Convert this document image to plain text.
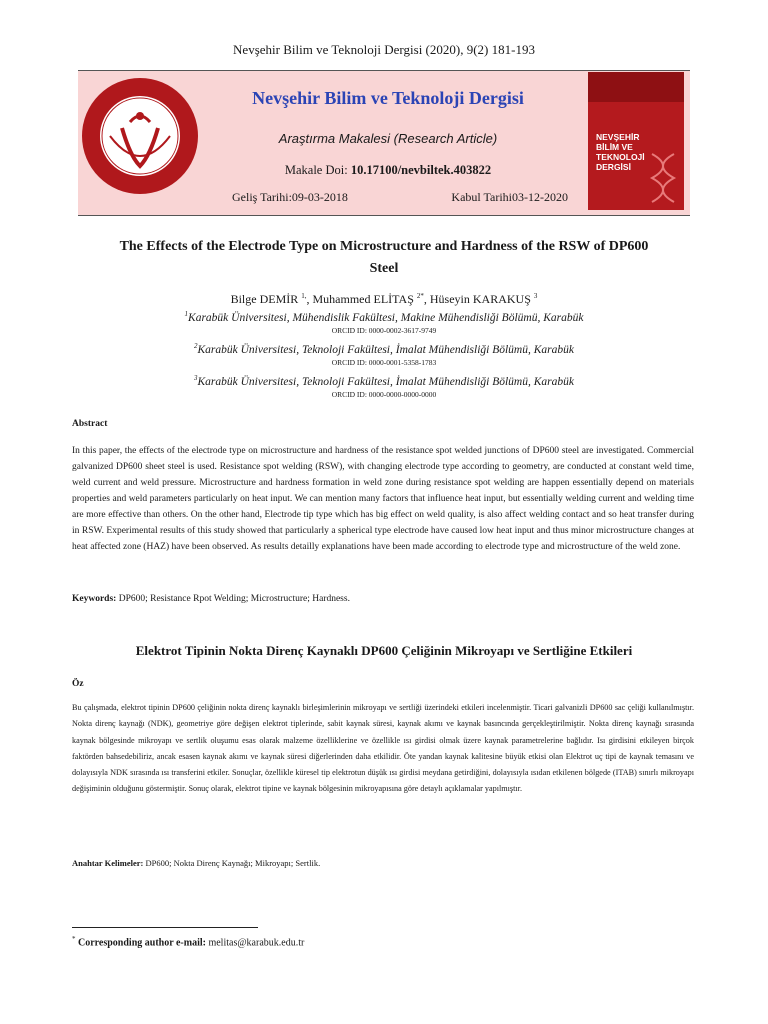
Nevşehir Bilim ve Teknoloji Dergisi (2020), 9(2) 181-193
Nevşehir Bilim ve Teknoloji Dergisi
Araştırma Makalesi (Research Article)
Makale Doi: 10.17100/nevbiltek.403822
Geliş Tarihi:09-03-2018	Kabul Tarihi03-12-2020
NEVŞEHİR
BİLİM VE TEKNOLOJİ
DERGİSİ
The Effects of the Electrode Type on Microstructure and Hardness of the RSW of DP600
Steel
Bilge DEMİR $^{1,}$, Muhammed ELİTAŞ $^{2*}$, Hüseyin KARAKUŞ $^3$
$^1$Karabük Üniversitesi, Mühendislik Fakültesi, Makine Mühendisliği Bölümü, Karabük
ORCID ID: 0000-0002-3617-9749
$^2$Karabük Üniversitesi, Teknoloji Fakültesi, İmalat Mühendisliği Bölümü, Karabük
ORCID ID: 0000-0001-5358-1783
$^3$Karabük Üniversitesi, Teknoloji Fakültesi, İmalat Mühendisliği Bölümü, Karabük
ORCID ID: 0000-0000-0000-0000
Abstract
In this paper, the effects of the electrode type on microstructure and hardness of the resistance spot welded junctions of DP600 steel are investigated. Commercial galvanized DP600 sheet steel is used. Resistance spot welding (RSW), with changing electrode type according to geometry, are conducted at constant weld time, weld current and weld pressure. Microstructure and hardness formation in weld zone during resistance spot welding are happen essentially depend on materials properties and weld parameters particularly on heat input. We can mention many factors that influence heat input, but essentially welding current and welding time are more effective than others. On the other hand, Electrode tip type which has big effect on weld quality, is also affect welding contact and so heat transfer during in RSW. Experimental results of this study showed that particularly a spherical type electrode have caused low heat input and thus minor microstructure changes at heat affected zone (HAZ) have been observed. As results detailly explanations have been made according to electrode type and microstructure of the weld zone.
Keywords: DP600; Resistance Rpot Welding; Microstructure; Hardness.
Elektrot Tipinin Nokta Direnç Kaynaklı DP600 Çeliğinin Mikroyapı ve Sertliğine Etkileri
Öz
Bu çalışmada, elektrot tipinin DP600 çeliğinin nokta direnç kaynaklı birleşimlerinin mikroyapı ve sertliği üzerindeki etkileri incelenmiştir. Ticari galvanizli DP600 sac çeliği kullanılmıştır. Nokta direnç kaynağı (NDK), geometriye göre değişen elektrot tiplerinde, sabit kaynak süresi, kaynak akımı ve kaynak basıncında gerçekleştirilmiştir. Nokta direnç kaynağı sırasında kaynak bölgesinde mikroyapı ve sertlik oluşumu esas olarak malzeme özelliklerine ve özellikle ısı girdisi olmak üzere kaynak parametrelerine bağlıdır. Isı girdisini etkileyen birçok faktörden bahsedebiliriz, ancak esasen kaynak akımı ve kaynak süresi diğerlerinden daha etkilidir. Öte yandan kaynak kalitesine büyük etkisi olan Elektrot uç tipi de kaynak temasını ve dolayısıyla NDK sırasında ısı transferini etkiler. Sonuçlar, özellikle küresel tip elektrotun düşük ısı girdisi meydana getirdiğini, dolayısıyla ısıdan etkilenen bölgede (ITAB) sınırlı mikroyapı değişiminin olduğunu göstermiştir. Sonuç olarak, elektrot tipine ve kaynak bölgesinin mikroyapısına göre detaylı açıklamalar yapılmıştır.
Anahtar Kelimeler: DP600; Nokta Direnç Kaynağı; Mikroyapı; Sertlik.
* Corresponding author e-mail: melitas@karabuk.edu.tr
